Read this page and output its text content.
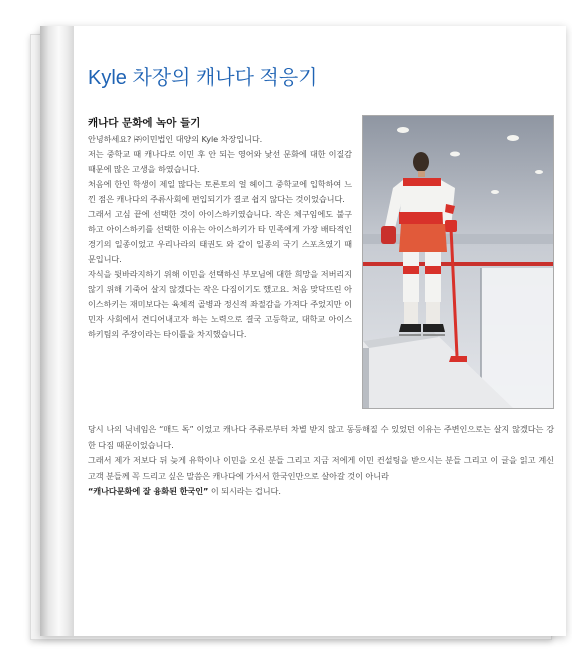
Kyle 차장의 캐나다 적응기
캐나다 문화에 녹아 들기

안녕하세요? ㈜이민법인 대양의 Kyle 차장입니다.

저는 중학교 때 캐나다로 이민 후 안 되는 영어와 낯선 문화에 대한 이질감 때문에 많은 고생을 하였습니다.

처음에 한인 학생이 제일 많다는 토론토의 얼 헤이그 중학교에 입학하여 느낀 점은 캐나다의 주류사회에 편입되기가 결코 쉽지 않다는 것이었습니다.

그래서 고심 끝에 선택한 것이 아이스하키였습니다. 작은 체구임에도 불구하고 아이스하키를 선택한 이유는 아이스하키가 타 민족에게 가장 배타적인 경기의 일종이었고 우리나라의 태권도 와 같이 일종의 국기 스포츠였기 때문입니다.

자식을 뒷바라지하기 위해 이민을 선택하신 부모님에 대한 희망을 저버리지 않기 위해 기죽어 살지 않겠다는 작은 다짐이기도 했고요. 처음 맞닥뜨린 아이스하키는 재미보다는 육체적 골병과 정신적 좌절감을 가져다 주었지만 이민자 사회에서 견디어내고자 하는 노력으로 결국 고등학교, 대학교 아이스하키팀의 주장이라는 타이틀을 차지했습니다.

당시 나의 닉네임은 “매드 독” 이었고 캐나다 주류로부터 차별 받지 않고 동등해질 수 있었던 이유는 주변인으로는 살지 않겠다는 강한 다짐 때문이었습니다.

그래서 제가 저보다 뒤 늦게 유학이나 이민을 오신 분들 그리고 지금 저에게 이민 컨설팅을 받으시는 분들 그리고 이 글을 읽고 계신 고객 분들께 꼭 드리고 싶은 말씀은 캐나다에 가서서 한국인만으로 살아갈 것이 아니라
“캐나다문화에 잘 융화된 한국인” 이 되시라는 겁니다.
